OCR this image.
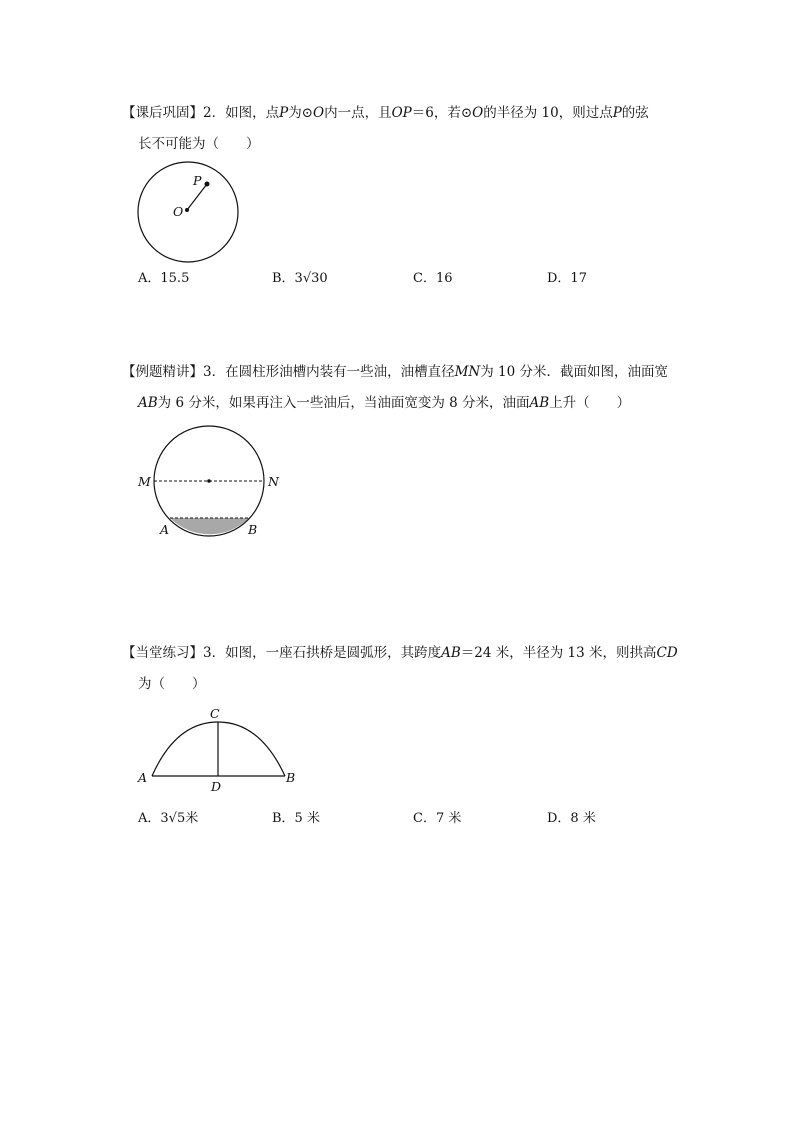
【课后巩固】2．如图，点P为⊙O内一点，且OP＝6，若⊙O的半径为 10，则过点P的弦
长不可能为（　　）
P
O
A．15.5	B．3√30	C．16	D．17
【例题精讲】3．在圆柱形油槽内装有一些油，油槽直径MN为 10 分米．截面如图，油面宽
AB为 6 分米，如果再注入一些油后，当油面宽变为 8 分米，油面AB上升（　　）
M	N
A	B
【当堂练习】3．如图，一座石拱桥是圆弧形，其跨度AB＝24 米，半径为 13 米，则拱高CD
为（　　）
C
A
D
B
A．3√5米	B．5 米	C．7 米	D．8 米
